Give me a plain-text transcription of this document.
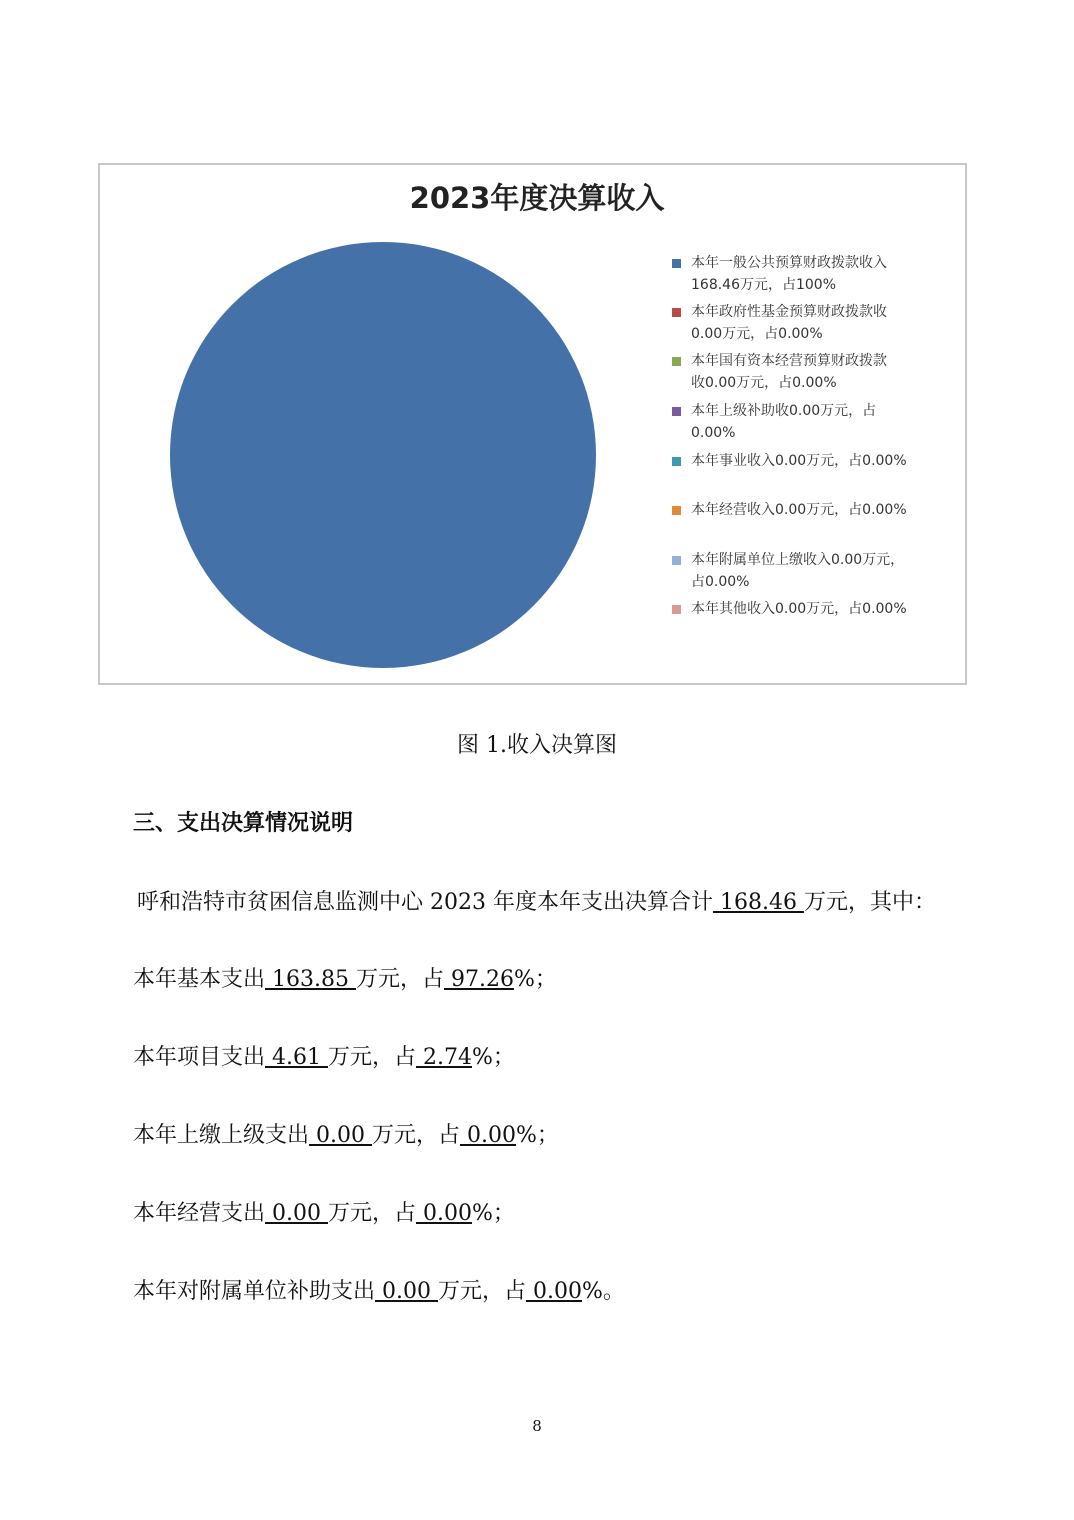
2023年度决算收入
本年一般公共预算财政拨款收入
168.46万元，占100%
本年政府性基金预算财政拨款收
0.00万元，占0.00%
本年国有资本经营预算财政拨款
收0.00万元，占0.00%
本年上级补助收0.00万元，占
0.00%
本年事业收入0.00万元，占0.00%
本年经营收入0.00万元，占0.00%
本年附属单位上缴收入0.00万元，
占0.00%
本年其他收入0.00万元，占0.00%
图 1.收入决算图
三、支出决算情况说明
呼和浩特市贫困信息监测中心 2023 年度本年支出决算合计 168.46 万元，其中：
本年基本支出 163.85 万元，占 97.26%；
本年项目支出 4.61 万元，占 2.74%；
本年上缴上级支出 0.00 万元，占 0.00%；
本年经营支出 0.00 万元，占 0.00%；
本年对附属单位补助支出 0.00 万元，占 0.00%。
8
